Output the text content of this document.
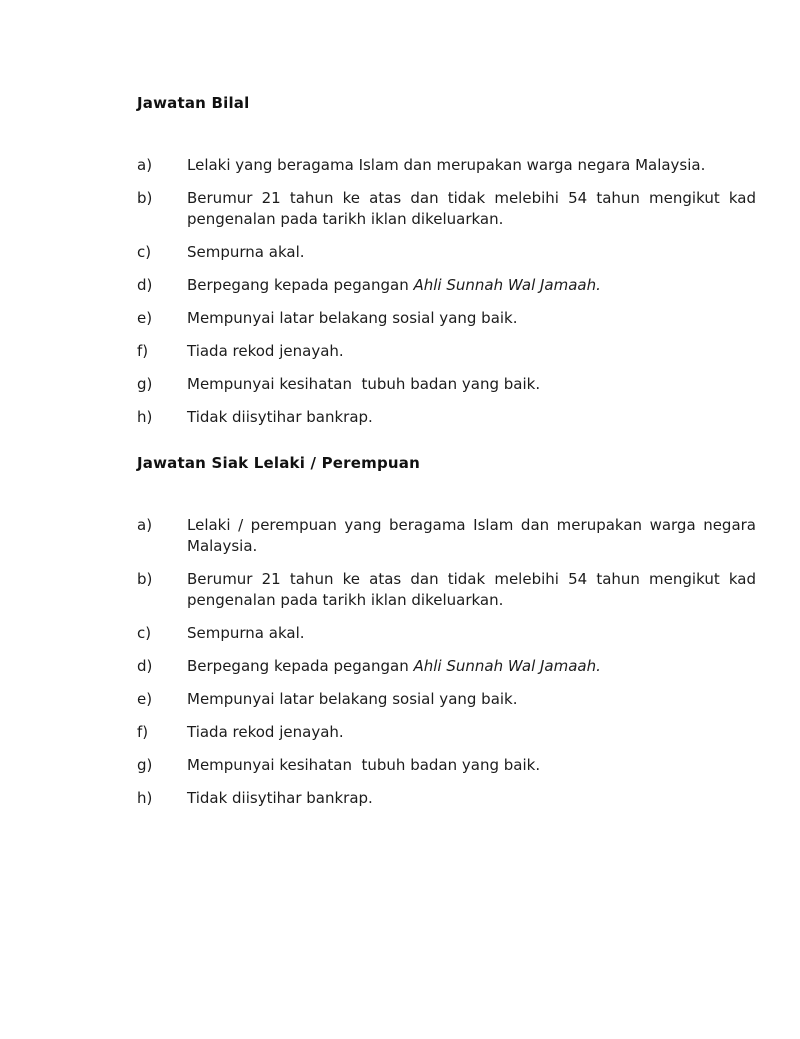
Jawatan Bilal
a)	Lelaki yang beragama Islam dan merupakan warga negara Malaysia.
b)	Berumur 21 tahun ke atas dan tidak melebihi 54 tahun mengikut kad pengenalan pada tarikh iklan dikeluarkan.
c)	Sempurna akal.
d)	Berpegang kepada pegangan Ahli Sunnah Wal Jamaah.
e)	Mempunyai latar belakang sosial yang baik.
f)	Tiada rekod jenayah.
g)	Mempunyai kesihatan  tubuh badan yang baik.
h)	Tidak diisytihar bankrap.
Jawatan Siak Lelaki / Perempuan
a)	Lelaki / perempuan yang beragama Islam dan merupakan warga negara Malaysia.
b)	Berumur 21 tahun ke atas dan tidak melebihi 54 tahun mengikut kad pengenalan pada tarikh iklan dikeluarkan.
c)	Sempurna akal.
d)	Berpegang kepada pegangan Ahli Sunnah Wal Jamaah.
e)	Mempunyai latar belakang sosial yang baik.
f)	Tiada rekod jenayah.
g)	Mempunyai kesihatan  tubuh badan yang baik.
h)	Tidak diisytihar bankrap.
